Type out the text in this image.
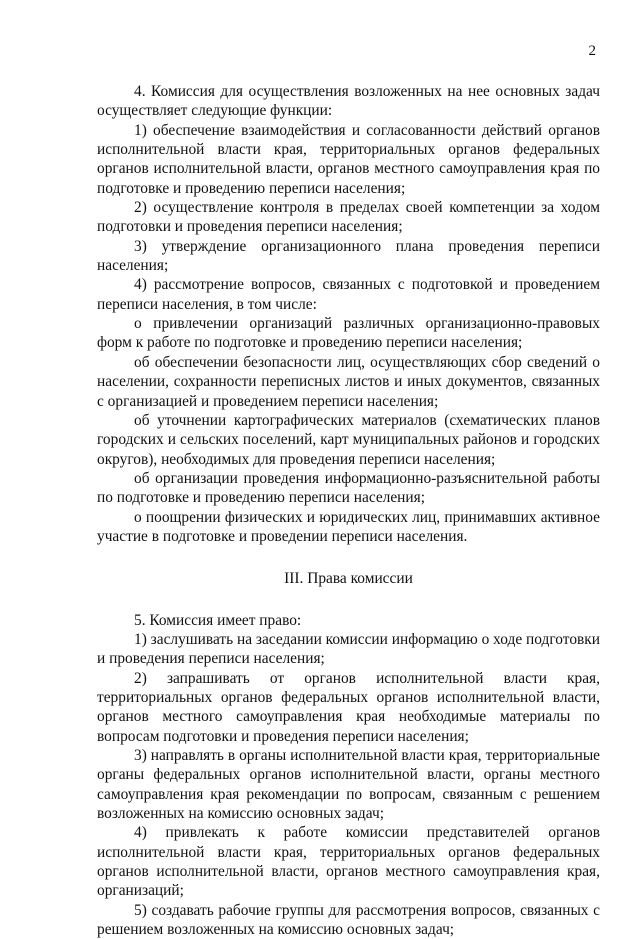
2

4. Комиссия для осуществления возложенных на нее основных задач осуществляет следующие функции:

1) обеспечение взаимодействия и согласованности действий органов исполнительной власти края, территориальных органов федеральных органов исполнительной власти, органов местного самоуправления края по подготовке и проведению переписи населения;

2) осуществление контроля в пределах своей компетенции за ходом подготовки и проведения переписи населения;

3) утверждение организационного плана проведения переписи населения;

4) рассмотрение вопросов, связанных с подготовкой и проведением переписи населения, в том числе:

о привлечении организаций различных организационно-правовых форм к работе по подготовке и проведению переписи населения;

об обеспечении безопасности лиц, осуществляющих сбор сведений о населении, сохранности переписных листов и иных документов, связанных с организацией и проведением переписи населения;

об уточнении картографических материалов (схематических планов городских и сельских поселений, карт муниципальных районов и городских округов), необходимых для проведения переписи населения;

об организации проведения информационно-разъяснительной работы по подготовке и проведению переписи населения;

о поощрении физических и юридических лиц, принимавших активное участие в подготовке и проведении переписи населения.

III. Права комиссии

5. Комиссия имеет право:

1) заслушивать на заседании комиссии информацию о ходе подготовки и проведения переписи населения;

2) запрашивать от органов исполнительной власти края, территориальных органов федеральных органов исполнительной власти, органов местного самоуправления края необходимые материалы по вопросам подготовки и проведения переписи населения;

3) направлять в органы исполнительной власти края, территориальные органы федеральных органов исполнительной власти, органы местного самоуправления края рекомендации по вопросам, связанным с решением возложенных на комиссию основных задач;

4) привлекать к работе комиссии представителей органов исполнительной власти края, территориальных органов федеральных органов исполнительной власти, органов местного самоуправления края, организаций;

5) создавать рабочие группы для рассмотрения вопросов, связанных с решением возложенных на комиссию основных задач;
